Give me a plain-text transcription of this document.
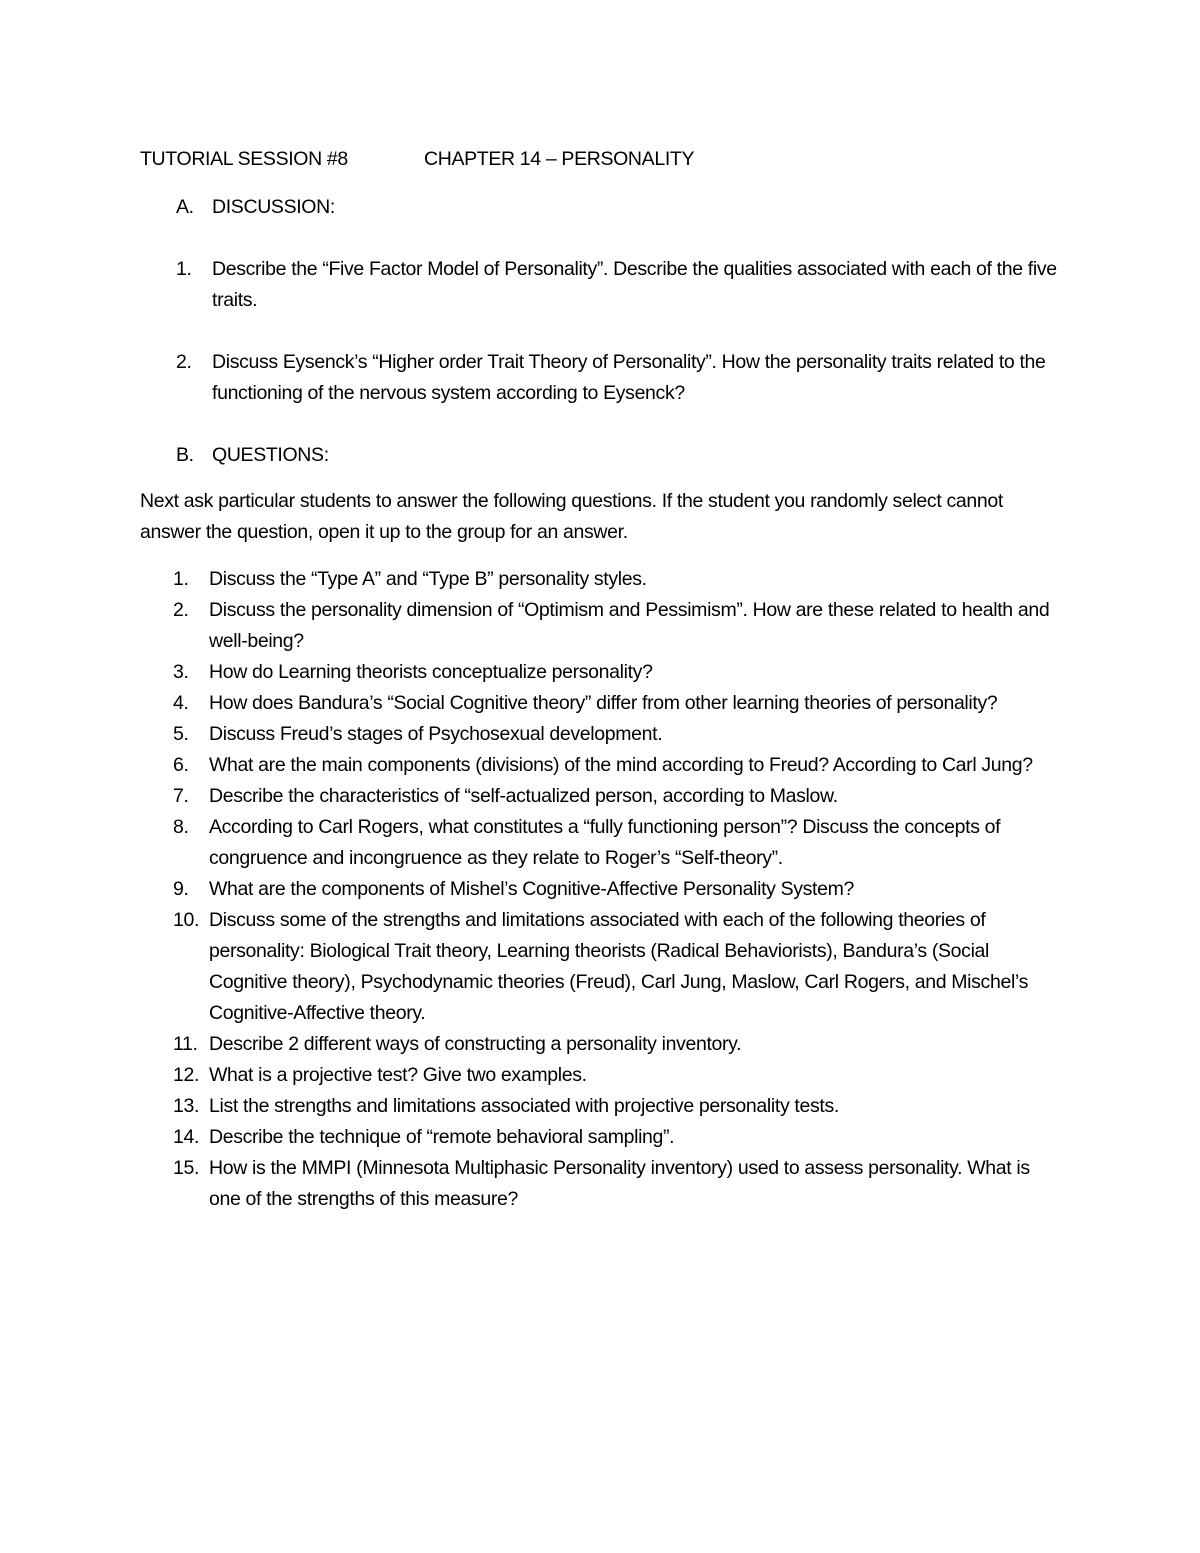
TUTORIAL SESSION #8	CHAPTER 14 – PERSONALITY
A. DISCUSSION:
1. Describe the “Five Factor Model of Personality”. Describe the qualities associated with each of the five traits.
2. Discuss Eysenck’s “Higher order Trait Theory of Personality”. How the personality traits related to the functioning of the nervous system according to Eysenck?
B. QUESTIONS:

Next ask particular students to answer the following questions. If the student you randomly select cannot answer the question, open it up to the group for an answer.

1. Discuss the “Type A” and “Type B” personality styles.
2. Discuss the personality dimension of “Optimism and Pessimism”. How are these related to health and well-being?
3. How do Learning theorists conceptualize personality?
4. How does Bandura’s “Social Cognitive theory” differ from other learning theories of personality?
5. Discuss Freud’s stages of Psychosexual development.
6. What are the main components (divisions) of the mind according to Freud? According to Carl Jung?
7. Describe the characteristics of “self-actualized person, according to Maslow.
8. According to Carl Rogers, what constitutes a “fully functioning person”? Discuss the concepts of congruence and incongruence as they relate to Roger’s “Self-theory”.
9. What are the components of Mishel’s Cognitive-Affective Personality System?
10. Discuss some of the strengths and limitations associated with each of the following theories of personality: Biological Trait theory, Learning theorists (Radical Behaviorists), Bandura’s (Social Cognitive theory), Psychodynamic theories (Freud), Carl Jung, Maslow, Carl Rogers, and Mischel’s Cognitive-Affective theory.
11. Describe 2 different ways of constructing a personality inventory.
12. What is a projective test? Give two examples.
13. List the strengths and limitations associated with projective personality tests.
14. Describe the technique of “remote behavioral sampling”.
15. How is the MMPI (Minnesota Multiphasic Personality inventory) used to assess personality. What is one of the strengths of this measure?
